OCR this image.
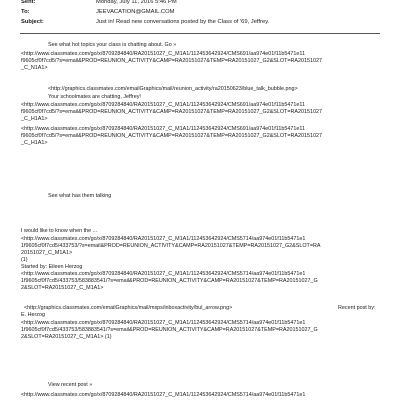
Sent:	Monday, July 11, 2016 5:46 PM
To:	JEEVACATION@GMAIL.COM
Subject:	Just in! Read new conversations posted by the Class of '69, Jeffrey.
See what hot topics your class is chatting about. Go »
<http://www.classmates.com/go/x/8709284840/RA20151027_C_M1A1/112453642924/CMS691/aa974e01f11b5471e11
f9605cf0f7cd5/?s=email&PROD=REUNION_ACTIVITY&CAMP=RA20151027&TEMP=RA20151027_G2&SLOT=RA20151027
_C_N1A1>
<http://graphics.classmates.com/emailGraphics/mail/reunion_activity/ra20150623/blue_talk_bubble.png>
Your schoolmates are chatting, Jeffrey!
<http://www.classmates.com/go/x/8709284840/RA20151027_C_M1A1/112453642924/CMS691/aa974e01f11b5471e11
f9605cf0f7cd5/?s=email&PROD=REUNION_ACTIVITY&CAMP=RA20151027&TEMP=RA20151027_G2&SLOT=RA20151027
_C_H1A1>
<http://www.classmates.com/go/x/8709284840/RA20151027_C_M1A1/112453642924/CMS691/aa974e01f11b5471e11
f9605cf0f7cd5/?s=email&PROD=REUNION_ACTIVITY&CAMP=RA20151027&TEMP=RA20151027_G2&SLOT=RA20151027
_C_H1A1>
See what has them talking
I would like to know when the ...
<http://www.classmates.com/go/x/8709284840/RA20151027_C_M1A1/112453642924/CMS5714/aa974e01f11b5471e1
1f9605cf0f7cd5/433753/?s=email&PROD=REUNION_ACTIVITY&CAMP=RA20151027&TEMP=RA20151027_G2&SLOT=RA
20151027_C_M1A1>
(1)
Started by: Eileen Herzog
<http://www.classmates.com/go/x/8709284840/RA20151027_C_M1A1/112453642924/CMS5714/aa974e01f11b5471e1
1f9605cf0f7cd5/433753/583883541/?s=email&PROD=REUNION_ACTIVITY&CAMP=RA20151027&TEMP=RA20151027_G
2&SLOT=RA20151027_C_M1A1>
<http://graphics.classmates.com/emailGraphics/mail/msps/inboxactivity/bul_arrow.png>	Recent post by:
E. Herzog
<http://www.classmates.com/go/x/8709284840/RA20151027_C_M1A1/112453642924/CMS5714/aa974e01f11b5471e1
1f9605cf0f7cd5/433753/583883541/?s=email&PROD=REUNION_ACTIVITY&CAMP=RA20151027&TEMP=RA20151027_G
2&SLOT=RA20151027_C_M1A1> (1)
View recent post »
<http://www.classmates.com/go/x/8709284840/RA20151027_C_M1A1/112453642924/CMS5714/aa974e01f11b5471e1
